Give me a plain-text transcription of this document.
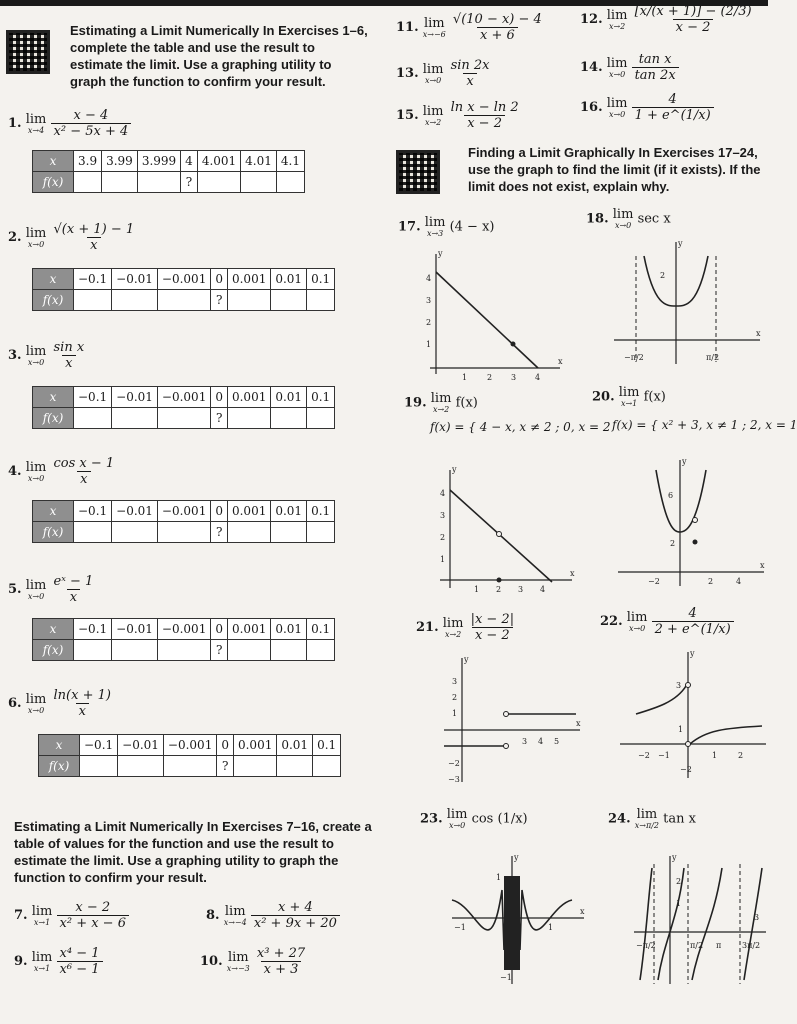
Estimating a Limit Numerically In Exercises 1–6, complete the table and use the result to estimate the limit. Use a graphing utility to graph the function to confirm your result.
1. lim
x→4
$\frac{x - 4}{\text{x² − 5x + 4}}$
x	3.9	3.99	3.999	4	4.001	4.01	4.1
f(x)				?			
2. lim
x→0
$\frac{√(x + 1) - 1}{x}$
x	−0.1	−0.01	−0.001	0	0.001	0.01	0.1
f(x)				?			
3. lim
x→0
$\frac{\text{sin x}}{x}$
x	−0.1	−0.01	−0.001	0	0.001	0.01	0.1
f(x)				?			
4. lim
x→0
$\frac{\text{cos x − 1}}{x}$
x	−0.1	−0.01	−0.001	0	0.001	0.01	0.1
f(x)				?			
5. lim
x→0
$\frac{\text{eˣ − 1}}{x}$
x	−0.1	−0.01	−0.001	0	0.001	0.01	0.1
f(x)				?			
6. lim
x→0
$\frac{\ln(x + 1)}{x}$
x	−0.1	−0.01	−0.001	0	0.001	0.01	0.1
f(x)				?			
Estimating a Limit Numerically In Exercises 7–16, create a table of values for the function and use the result to estimate the limit. Use a graphing utility to graph the function to confirm your result.
7. lim
x→1
$\frac{x - 2}{\text{x² + x − 6}}$	8. lim
x→−4
$\frac{x + 4}{\text{x² + 9x + 20}}$
9. lim
x→1
$\frac{\text{x⁴ − 1}}{\text{x⁶ − 1}}$	10. lim
x→−3
$\frac{\text{x³ + 27}}{x + 3}$
11. lim
x→−6
$\frac{√(10 - x) - 4}{x + 6}$	12. lim
x→2
$\frac{[x/(x + 1)] - (2/3)}{x - 2}$
13. lim
x→0
$\frac{\sin 2x}{x}$	14. lim
x→0
$\frac{\text{tan x}}{\tan 2x}$
15. lim
x→2
$\frac{\text{ln x − ln 2}}{x - 2}$	16. lim
x→0
$\frac{4}{1 + e\^{}(1/x)}$
Finding a Limit Graphically In Exercises 17–24, use the graph to find the limit (if it exists). If the limit does not exist, explain why.
17. lim
x→3 (4 − x)
18. lim
x→0 sec x
y
x
1 2 3 4
1
2
3
4
y
x
2
−π/2	π/2
19. lim
x→2 f(x)
f(x) = { 4 − x, x ≠ 2 ; 0, x = 2
20. lim
x→1 f(x)
f(x) = { x² + 3, x ≠ 1 ; 2, x = 1
y
x
1 2 3 4
1
2
3
4
y
x
6
2
−2	2	4
21. lim
x→2
$\frac{|x - 2|}{x - 2}$	22. lim
x→0
$\frac{4}{2 + e\^{}(1/x)}$
y
x
3
2
1
−2
−3
3 4 5
y
3
1
−2 −1	1	2
−2
23. lim
x→0 cos (1/x)	24. lim
x→π/2 tan x
y
x
1
−1	1
−1
y
2
1
−π/2	π/2 π	3π/2
3
